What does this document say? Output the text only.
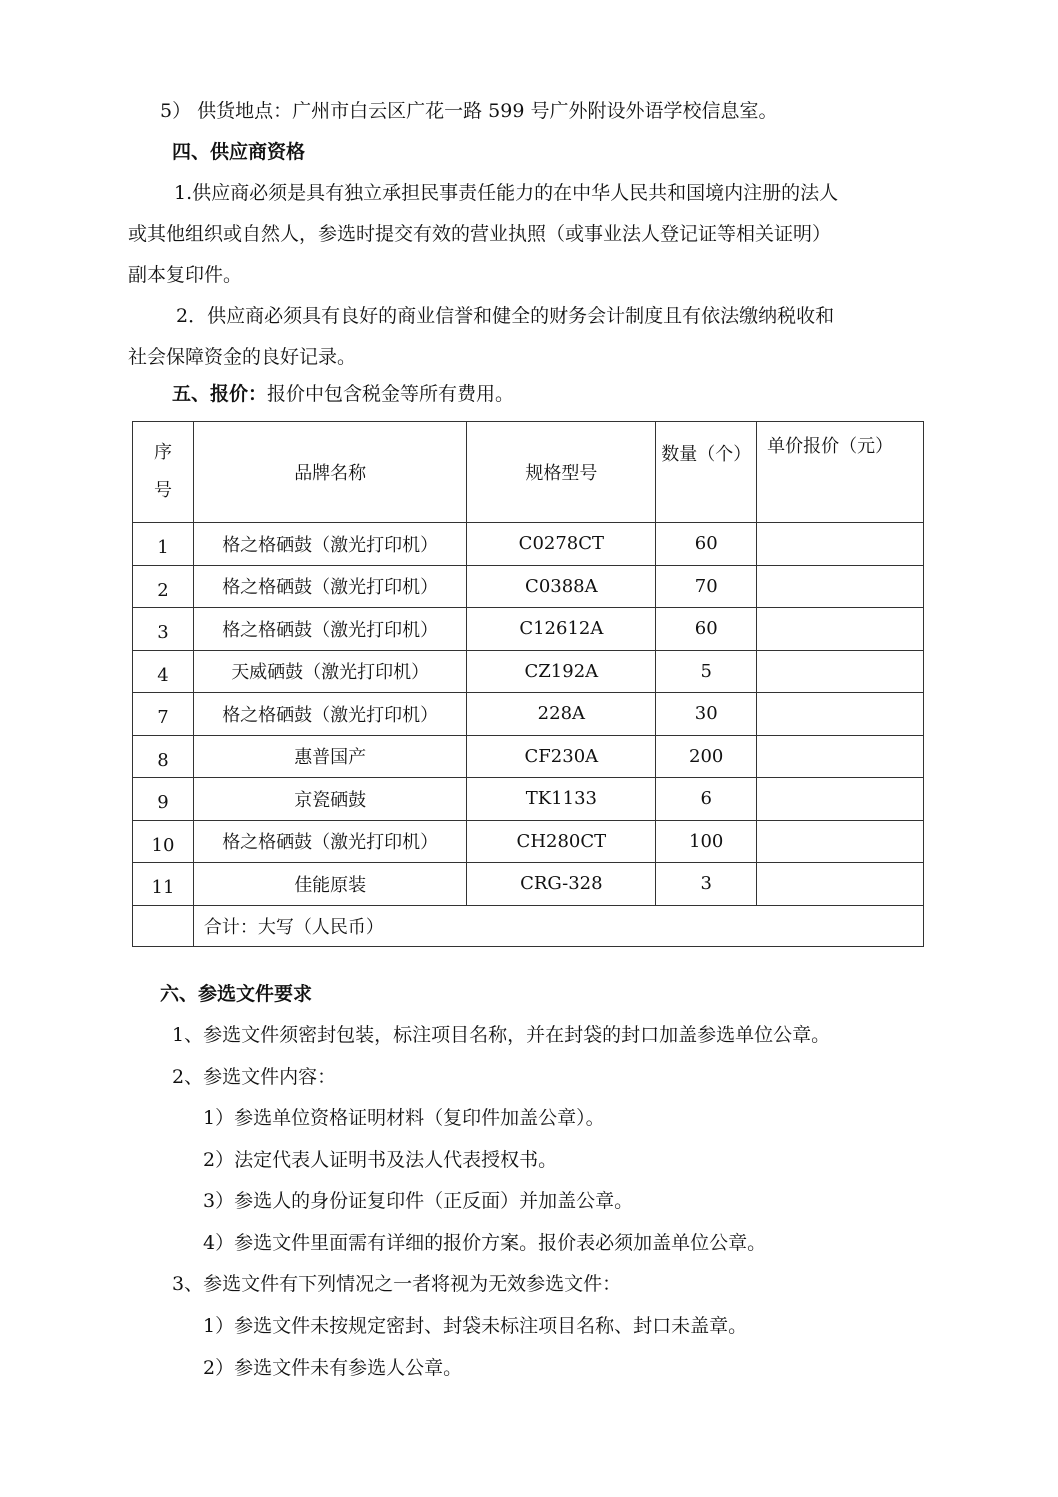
5） 供货地点：广州市白云区广花一路 599 号广外附设外语学校信息室。
四、供应商资格
1.供应商必须是具有独立承担民事责任能力的在中华人民共和国境内注册的法人
或其他组织或自然人，参选时提交有效的营业执照（或事业法人登记证等相关证明）
副本复印件。
2．供应商必须具有良好的商业信誉和健全的财务会计制度且有依法缴纳税收和
社会保障资金的良好记录。
五、报价：报价中包含税金等所有费用。
序
号	品牌名称	规格型号	数量（个）	单价报价（元）
1	格之格硒鼓（激光打印机）	C0278CT	60	
2	格之格硒鼓（激光打印机）	C0388A	70	
3	格之格硒鼓（激光打印机）	C12612A	60	
4	天威硒鼓（激光打印机）	CZ192A	5	
7	格之格硒鼓（激光打印机）	228A	30	
8	惠普国产	CF230A	200	
9	京瓷硒鼓	TK1133	6	
10	格之格硒鼓（激光打印机）	CH280CT	100	
11	佳能原装	CRG-328	3	
	合计：大写（人民币）			
六、参选文件要求
1、参选文件须密封包装，标注项目名称，并在封袋的封口加盖参选单位公章。
2、参选文件内容：
1）参选单位资格证明材料（复印件加盖公章）。
2）法定代表人证明书及法人代表授权书。
3）参选人的身份证复印件（正反面）并加盖公章。
4）参选文件里面需有详细的报价方案。报价表必须加盖单位公章。
3、参选文件有下列情况之一者将视为无效参选文件：
1）参选文件未按规定密封、封袋未标注项目名称、封口未盖章。
2）参选文件未有参选人公章。
